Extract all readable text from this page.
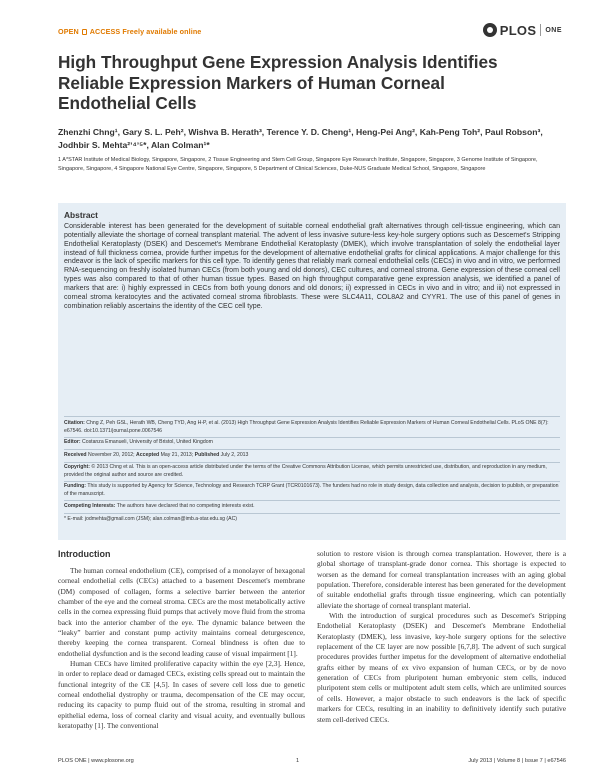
OPEN ACCESS Freely available online	PLOS ONE
High Throughput Gene Expression Analysis Identifies Reliable Expression Markers of Human Corneal Endothelial Cells
Zhenzhi Chng¹, Gary S. L. Peh², Wishva B. Herath³, Terence Y. D. Cheng¹, Heng-Pei Ang², Kah-Peng Toh², Paul Robson³, Jodhbir S. Mehta²ʼ⁴ʼ⁵*, Alan Colman¹*
1 A*STAR Institute of Medical Biology, Singapore, Singapore, 2 Tissue Engineering and Stem Cell Group, Singapore Eye Research Institute, Singapore, Singapore, 3 Genome Institute of Singapore, Singapore, Singapore, 4 Singapore National Eye Centre, Singapore, Singapore, 5 Department of Clinical Sciences, Duke-NUS Graduate Medical School, Singapore, Singapore
Abstract
Considerable interest has been generated for the development of suitable corneal endothelial graft alternatives through cell-tissue engineering, which can potentially alleviate the shortage of corneal transplant material. The advent of less invasive suture-less key-hole surgery options such as Descemet's Stripping Endothelial Keratoplasty (DSEK) and Descemet's Membrane Endothelial Keratoplasty (DMEK), which involve transplantation of solely the endothelial layer instead of full thickness cornea, provide further impetus for the development of alternative endothelial grafts for clinical applications. A major challenge for this endeavor is the lack of specific markers for this cell type. To identify genes that reliably mark corneal endothelial cells (CECs) in vivo and in vitro, we performed RNA-sequencing on freshly isolated human CECs (from both young and old donors), CEC cultures, and corneal stroma. Gene expression of these corneal cell types was also compared to that of other human tissue types. Based on high throughput comparative gene expression analysis, we identified a panel of markers that are: i) highly expressed in CECs from both young donors and old donors; ii) expressed in CECs in vivo and in vitro; and iii) not expressed in corneal stroma keratocytes and the activated corneal stroma fibroblasts. These were SLC4A11, COL8A2 and CYYR1. The use of this panel of genes in combination reliably ascertains the identity of the CEC cell type.
Citation: Chng Z, Peh GSL, Herath WB, Cheng TYD, Ang H-P, et al. (2013) High Throughput Gene Expression Analysis Identifies Reliable Expression Markers of Human Corneal Endothelial Cells. PLoS ONE 8(7): e67546. doi:10.1371/journal.pone.0067546
Editor: Costanza Emanueli, University of Bristol, United Kingdom
Received November 20, 2012; Accepted May 21, 2013; Published July 2, 2013
Copyright: © 2013 Chng et al. This is an open-access article distributed under the terms of the Creative Commons Attribution License, which permits unrestricted use, distribution, and reproduction in any medium, provided the original author and source are credited.
Funding: This study is supported by Agency for Science, Technology and Research TCRP Grant (TCR0101673). The funders had no role in study design, data collection and analysis, decision to publish, or preparation of the manuscript.
Competing Interests: The authors have declared that no competing interests exist.
* E-mail: jodmehta@gmail.com (JSM); alan.colman@imb.a-star.edu.sg (AC)
Introduction

The human corneal endothelium (CE), comprised of a monolayer of hexagonal corneal endothelial cells (CECs) attached to a basement Descemet's membrane (DM) composed of collagen, forms a selective barrier between the anterior chamber of the eye and the corneal stroma. CECs are the most metabolically active cells in the cornea expressing fluid pumps that actively move fluid from the stroma back into the anterior chamber of the eye. The dynamic balance between the “leaky” barrier and constant pump activity maintains corneal deturgescence, thereby keeping the cornea transparent. Corneal blindness is often due to endothelial dysfunction and is the second leading cause of visual impairment [1].

Human CECs have limited proliferative capacity within the eye [2,3]. Hence, in order to replace dead or damaged CECs, existing cells spread out to maintain the functional integrity of the CE [4,5]. In cases of severe cell loss due to genetic corneal endothelial dystrophy or trauma, decompensation of the CE may occur, reducing its capacity to pump fluid out of the stroma, resulting in stromal and epithelial edema, loss of corneal clarity and visual acuity, and eventually bullous keratopathy [1]. The conventional

solution to restore vision is through cornea transplantation. However, there is a global shortage of transplant-grade donor cornea. This shortage is expected to worsen as the demand for corneal transplantation increases with an aging global population. Therefore, considerable interest has been generated for the development of suitable endothelial grafts through tissue engineering, which can potentially alleviate the shortage of corneal transplant material.

With the introduction of surgical procedures such as Descemet's Stripping Endothelial Keratoplasty (DSEK) and Descemet's Membrane Endothelial Keratoplasty (DMEK), less invasive, key-hole surgery options for the selective replacement of the CE layer are now possible [6,7,8]. The advent of such surgical procedures provides further impetus for the development of alternative endothelial grafts either by means of ex vivo expansion of human CECs, or by de novo generation of CECs from pluripotent human embryonic stem cells, induced pluripotent stem cells or multipotent adult stem cells, which are unlimited sources of cells. However, a major obstacle to such endeavors is the lack of specific markers for CECs, resulting in an inability to definitively identify such putative stem cell-derived CECs.

PLOS ONE | www.plosone.org	1	July 2013 | Volume 8 | Issue 7 | e67546
